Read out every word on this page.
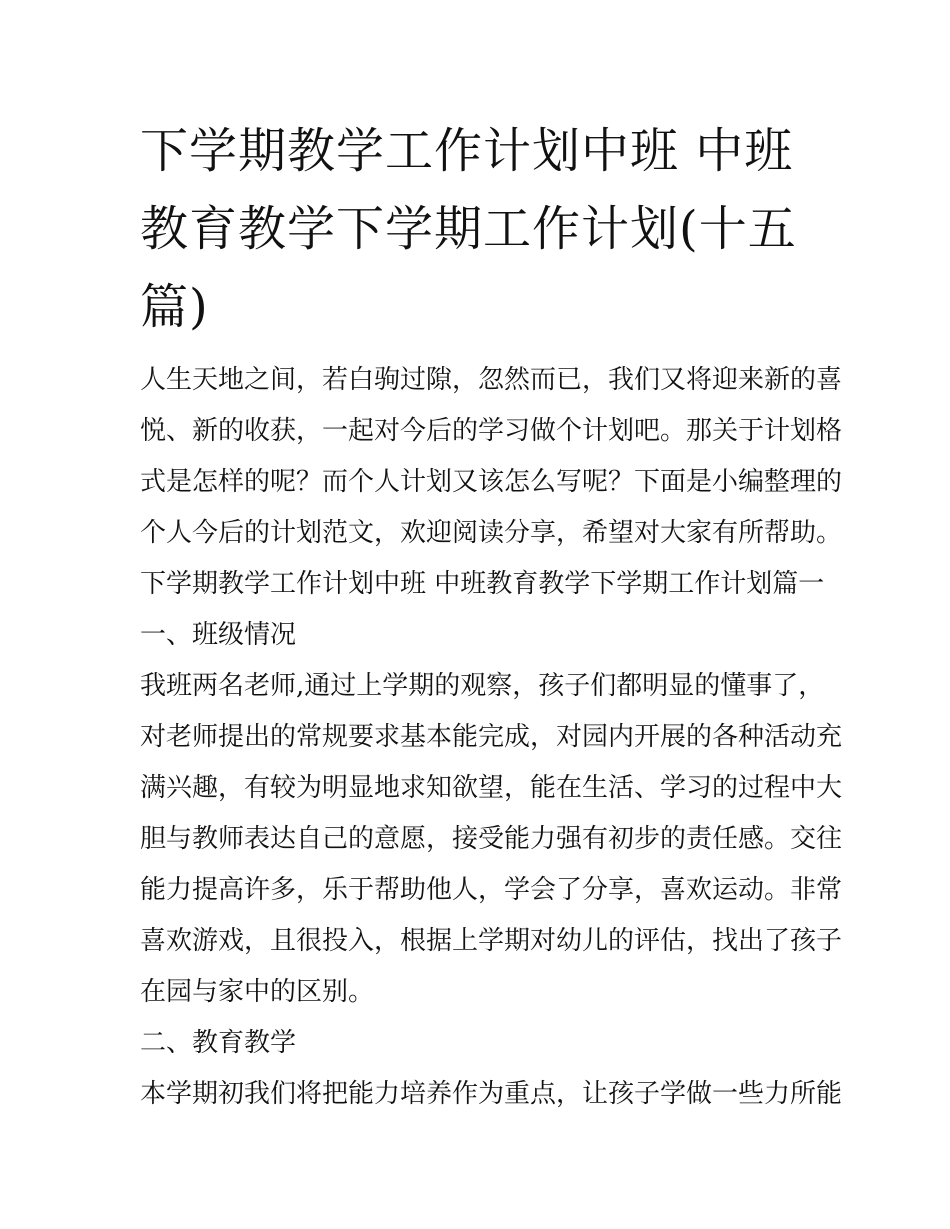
下学期教学工作计划中班 中班
教育教学下学期工作计划(十五
篇)
人生天地之间，若白驹过隙，忽然而已，我们又将迎来新的喜
悦、新的收获，一起对今后的学习做个计划吧。那关于计划格
式是怎样的呢？而个人计划又该怎么写呢？下面是小编整理的
个人今后的计划范文，欢迎阅读分享，希望对大家有所帮助。
下学期教学工作计划中班 中班教育教学下学期工作计划篇一
一、班级情况
我班两名老师,通过上学期的观察，孩子们都明显的懂事了，
对老师提出的常规要求基本能完成，对园内开展的各种活动充
满兴趣，有较为明显地求知欲望，能在生活、学习的过程中大
胆与教师表达自己的意愿，接受能力强有初步的责任感。交往
能力提高许多，乐于帮助他人，学会了分享，喜欢运动。非常
喜欢游戏，且很投入，根据上学期对幼儿的评估，找出了孩子
在园与家中的区别。
二、教育教学
本学期初我们将把能力培养作为重点，让孩子学做一些力所能
